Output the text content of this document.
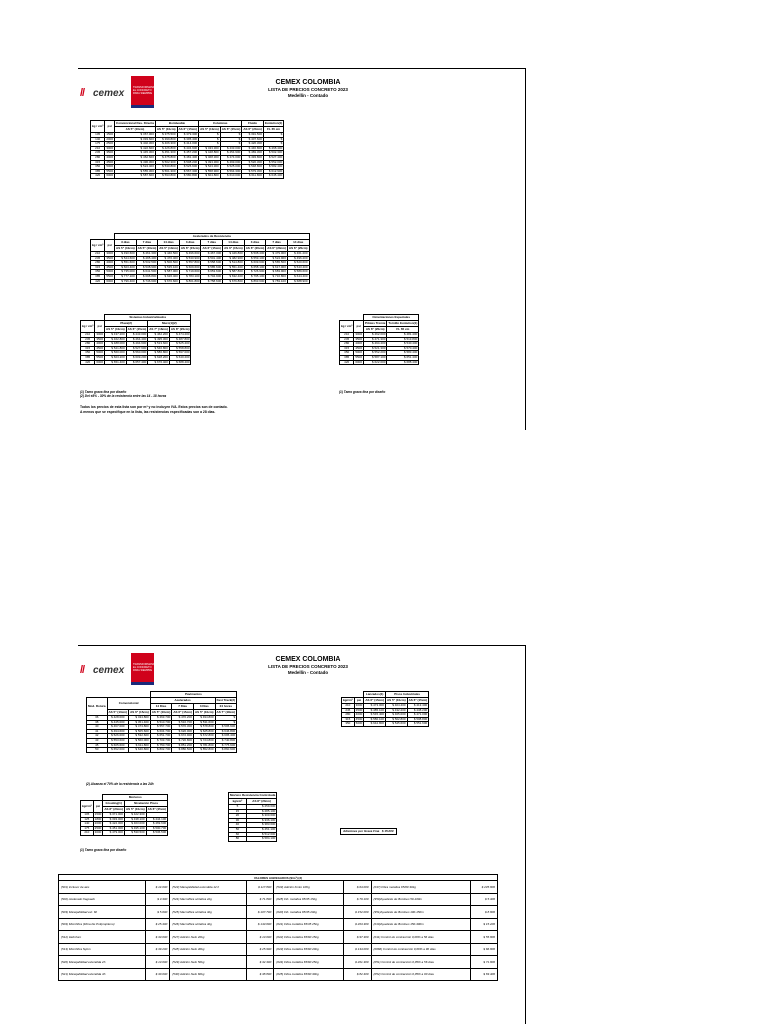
// cemex
TRANSFORMANDO EL CONCRETO PARA SIEMPRE
CEMEX COLOMBIA
LISTA DE PRECIOS CONCRETO 2023
Medellín - Contado
kg / cm²	psi	Convencional Des. Directa	Bombeable		Columnas		Fluido	Evolution(1)
		AS 5" (10cm)	AS 5" (10cm)	AS 6" (15cm)	AS 5" (10cm)	AS 6" (15cm)	AS 6" (20cm)	FL 65 cm
105	1500	$ 367.000	$ 375.500	$ 379.300	$	$	$ 391.500	$
140	2000	$ 393.600	$ 399.800	$ 395.400	$	$	$ 407.600	$
175	2500	$ 402.300	$ 406.300	$ 414.000	$	$	$ 426.300	$
210	3000	$ 422.600	$ 426.800	$ 434.600	$ 433.300	$ 433.000	$ 446.800	$ 468.400
245	3500	$ 445.300	$ 451.300	$ 457.200	$ 448.800	$ 454.900	$ 469.300	$ 502.300
280	4000	$ 462.600	$ 475.800	$ 481.400	$ 468.300	$ 474.000	$ 493.800	$ 527.400
315	4500	$ 496.300	$ 502.300	$ 508.200	$ 493.300	$ 499.000	$ 520.300	$ 552.000
350	5000	$ 524.400	$ 530.800	$ 526.600	$ 523.300	$ 525.000	$ 548.800	$ 582.400
385	5500	$ 555.300	$ 561.300	$ 567.300	$ 558.900	$ 564.300	$ 579.300	$ 612.900
420	6000	$ 587.600	$ 593.800	$ 580.800	$ 604.800	$ 610.000	$ 611.800	$ 645.400
		Acelerados de Resistencia								
kg / cm²	psi	3 días	7 días	14 días	3 días	7 días	14 días	3 días	7 días	14 días
		AS 5" (10cm)	AS 5" (10cm)	AS 5" (10cm)	AS 6" (15cm)	AS 6" (15cm)	AS 6" (15cm)	AS 6" (20cm)	AS 6" (20cm)	AS 6" (20cm)
210	3000	$ 490.600	$ 461.300	$ 440.500	$ 496.600	$ 467.300	$ 446.800	$ 508.400	$ 479.000	$ 461.200
245	3500	$ 524.600	$ 495.400	$ 470.400	$ 530.900	$ 501.400	$ 482.900	$ 559.100	$ 524.900	$ 496.200
280	4000	$ 551.600	$ 532.500	$ 500.500	$ 557.800	$ 558.600	$ 514.800	$ 609.600	$ 565.500	$ 520.600
315	4500	$ 603.400	$ 538.900	$ 535.100	$ 609.600	$ 585.600	$ 551.400	$ 658.100	$ 617.000	$ 543.400
350	5000	$ 735.000	$ 641.500	$ 587.000	$ 719.600	$ 653.600	$ 587.800	$ 726.900	$ 683.900	$ 589.600
385	5500	$ 777.100	$ 698.800	$ 626.400	$ 783.100	$ 704.900	$ 632.400	$ 795.100	$ 716.800	$ 644.400
420	6000	$ 796.400	$ 746.600	$ 670.600	$ 801.800	$ 758.600	$ 676.800	$ 863.600	$ 783.100	$ 688.900
		Sistemas Industrializados			
kg / cm²	psi	Placa(2)		Muro(1)(2)	
		AS 5" (10cm)	AS 6" (15cm)	AS 7" (18cm)	AS 8" (20cm)
210	3000	$ 437.200	$ 443.000	$ 462.200	$ 474.200
245	3500	$ 462.800	$ 464.400	$ 495.300	$ 487.800
280	4000	$ 488.000	$ 494.600	$ 513.600	$ 525.400
315	4500	$ 521.800	$ 527.600	$ 546.800	$ 558.800
350	5000	$ 560.000	$ 560.000	$ 586.800	$ 597.000
385	5500	$ 603.200	$ 609.200	$ 628.200	$ 640.200
420	6000	$ 651.400	$ 657.400	$ 676.400	$ 688.400
		Cimentaciones Especiales	
kg / cm²	psi	Pilotes Tremie	Tornillo Evolution(1)
		AS 6" (20cm)	FL 65 cm
210	3000	$ 462.000	$ 481.400
245	3500	$ 471.300	$ 513.800
280	4000	$ 494.400	$ 540.400
315	4500	$ 521.300	$ 570.400
350	5000	$ 552.200	$ 583.400
385	5500	$ 587.100	$ 651.400
420	6000	$ 622.000	$ 688.400
(1) Tamo grava fina por diseño
(2) Del ±5% - 30% de la resistencia entre las 14 - 18 horas
(1) Tamo grava fina por diseño
Todos los precios de esta lista son por m³ y no incluyen IVA. Estos precios son de contado.
A menos que se especifique en la lista, las resistencias especificadas son a 28 días.
// cemex
TRANSFORMANDO EL CONCRETO PARA SIEMPRE
CEMEX COLOMBIA
LISTA DE PRECIOS CONCRETO 2023
Medellín - Contado
			Pavimentos			
Mod. Rotura	Convencional		Acelerados			Fast Track(2)
			14 Días	7 Días	3 Días	24 horas
	AS 5" (10cm)	AS 6" (15cm)	AS 5" (10cm)	AS 6" (15cm)	AS 5" (10cm)	AS 7" (18cm)
36	$ 428.000	$ 434.800	$ 463.700	$ 470.200	$ 494.800	$
38	$ 445.000	$ 451.400	$ 510.700	$ 516.700	$ 531.600	$
40	$ 467.000	$ 473.800	$ 557.700	$ 570.300	$ 578.800	$ 595.600
41	$ 494.600	$ 505.600	$ 604.700	$ 620.000	$ 625.800	$ 646.800
42	$ 526.000	$ 532.600	$ 651.700	$ 672.900	$ 672.800	$ 695.400
43	$ 553.600	$ 560.000	$ 703.700	$ 720.800	$ 724.800	$ 740.800
45	$ 605.600	$ 611.800	$ 750.700	$ 851.200	$ 781.800	$ 775.600
50	$ 652.000	$ 640.800	$ 802.700	$ 880.500	$ 852.800	$ 860.600
(2) Alcanza el 70% de la resistencia a las 24h
		Lanzados(1)	Pisos Industriales	
kg/cm²	psi	AS 6" (15cm)	AS 5" (10cm)	AS 6" (15cm)
210	3000	$ 473.000	$ 404.400	$ 413.400
245	3500	$ 485.100	$ 432.200	$ 438.200
280	4000	$ 545.400	$ 465.000	$ 471.000
315	4500	$ 580.100	$ 502.800	$ 508.800
350	5000	$ 642.800	$ 545.600	$ 551.600
		Morteros		
kg/cm²	psi	Grouting(1)	Nivelación Pisos	
		AS 8" (20cm)	AS 5" (10cm)	AS 6" (15cm)
105	1500	$ 371.000	$ 422.300	
125	1800	$ 393.000	$ 438.100	$ 444.100
140	2000	$ 422.000	$ 463.000	$ 469.600
175	2500	$ 451.000	$ 495.100	$ 500.700
210	3000	$ 479.000	$ 530.500	$ 536.500
(1) Tamo grava fina por diseño
Mortero Resistencia Controlada	
kg/cm²	AS 8" (20cm)
5	$ 259.600
15	$ 285.100
20	$ 300.600
30	$ 336.100
40	$ 383.600
50	$ 451.100
60	$ 512.600
80	$ 584.100
Adiciones por Grava Fina $ 15.000
VALORES AGREGADOS ($/m³) (3)							
(501) Inclusor de aire	$ 14.000	(523) Manejabilidad extendida 12 h	$ 117.800	(533) Adición fonko 10Kg	$ 64.000	(047) Fibra metálica 65/60 30kg	$ 235.800
(502) Acelerado fraguado	$ 3.300	(524) Macrofibra sintética 2kg	$ 71.800	(028) Fib. metálica 65/35 15kg	$ 79.100	(950)Ayudante de Bombeo 50-100m	$ 5.300
(503) Manejabilidad ext. 6h	$ 5.600	(525) Macrofibra sintética 3kg	$ 107.700	(040) Fib. metálica 65/35 20kg	$ 152.000	(951)Ayudante de Bombeo 100-150m	$ 8.800
(504) Microfibra (Fibra De Polipropileno)	$ 25.400	(526) Macrofibra sintética 4kg	$ 143.600	(041) Fibra metálica 65/35 25kg	$ 203.300	(010)Ayudante de Bombeo 150-300m	$ 15.200
(512) Hidrofuro	$ 33.000	(527) Adición hielo 20kg	$ 13.000	(042) Fibra metálica 65/60 15kg	$ 97.300	(011) Control de contracción 0,06% a 56 días	$ 55.800
(513) Microfibra Nylon	$ 39.200	(528) Adición hielo 40kg	$ 25.900	(043) Fibra metálica 65/60 20kg	$ 134.000	(0066) Control de contracción 0,06% a 90 días	$ 66.800
(520) Manejabilidad extendida 2h	$ 13.000	(529) Adición hielo 50kg	$ 32.300	(044) Fibra metálica 65/60 25kg	$ 201.300	(051) Control de contracción 0,05% a 56 días	$ 71.800
(521) Manejabilidad extendida 4h	$ 30.000	(530) Adición hielo 60kg	$ 38.800	(045) Fibra metálica 65/60 30kg	$ 82.400	(052) Control de contracción 0,05% a 90 días	$ 83.400
